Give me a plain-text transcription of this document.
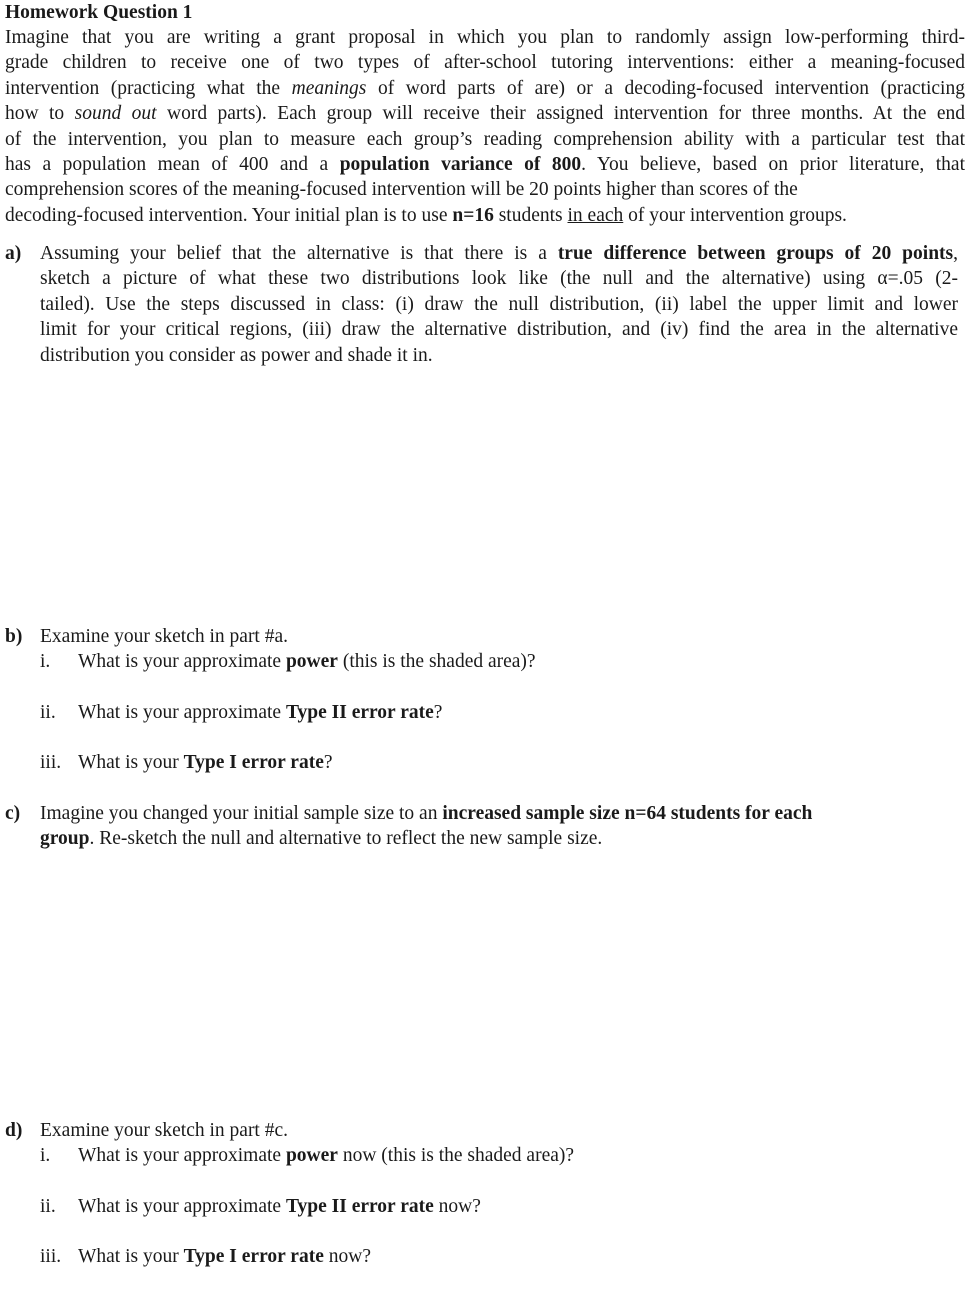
Homework Question 1
Imagine that you are writing a grant proposal in which you plan to randomly assign low-performing third-
grade children to receive one of two types of after-school tutoring interventions: either a meaning-focused
intervention (practicing what the meanings of word parts of are) or a decoding-focused intervention (practicing
how to sound out word parts). Each group will receive their assigned intervention for three months. At the end
of the intervention, you plan to measure each group’s reading comprehension ability with a particular test that
has a population mean of 400 and a population variance of 800. You believe, based on prior literature, that
comprehension scores of the meaning-focused intervention will be 20 points higher than scores of the
decoding-focused intervention. Your initial plan is to use n=16 students in each of your intervention groups.
a) Assuming your belief that the alternative is that there is a true difference between groups of 20 points,
sketch a picture of what these two distributions look like (the null and the alternative) using α=.05 (2-
tailed). Use the steps discussed in class: (i) draw the null distribution, (ii) label the upper limit and lower
limit for your critical regions, (iii) draw the alternative distribution, and (iv) find the area in the alternative
distribution you consider as power and shade it in.
b) Examine your sketch in part #a.
i. What is your approximate power (this is the shaded area)?
ii. What is your approximate Type II error rate?
iii. What is your Type I error rate?
c) Imagine you changed your initial sample size to an increased sample size n=64 students for each
group. Re-sketch the null and alternative to reflect the new sample size.
d) Examine your sketch in part #c.
i. What is your approximate power now (this is the shaded area)?
ii. What is your approximate Type II error rate now?
iii. What is your Type I error rate now?
